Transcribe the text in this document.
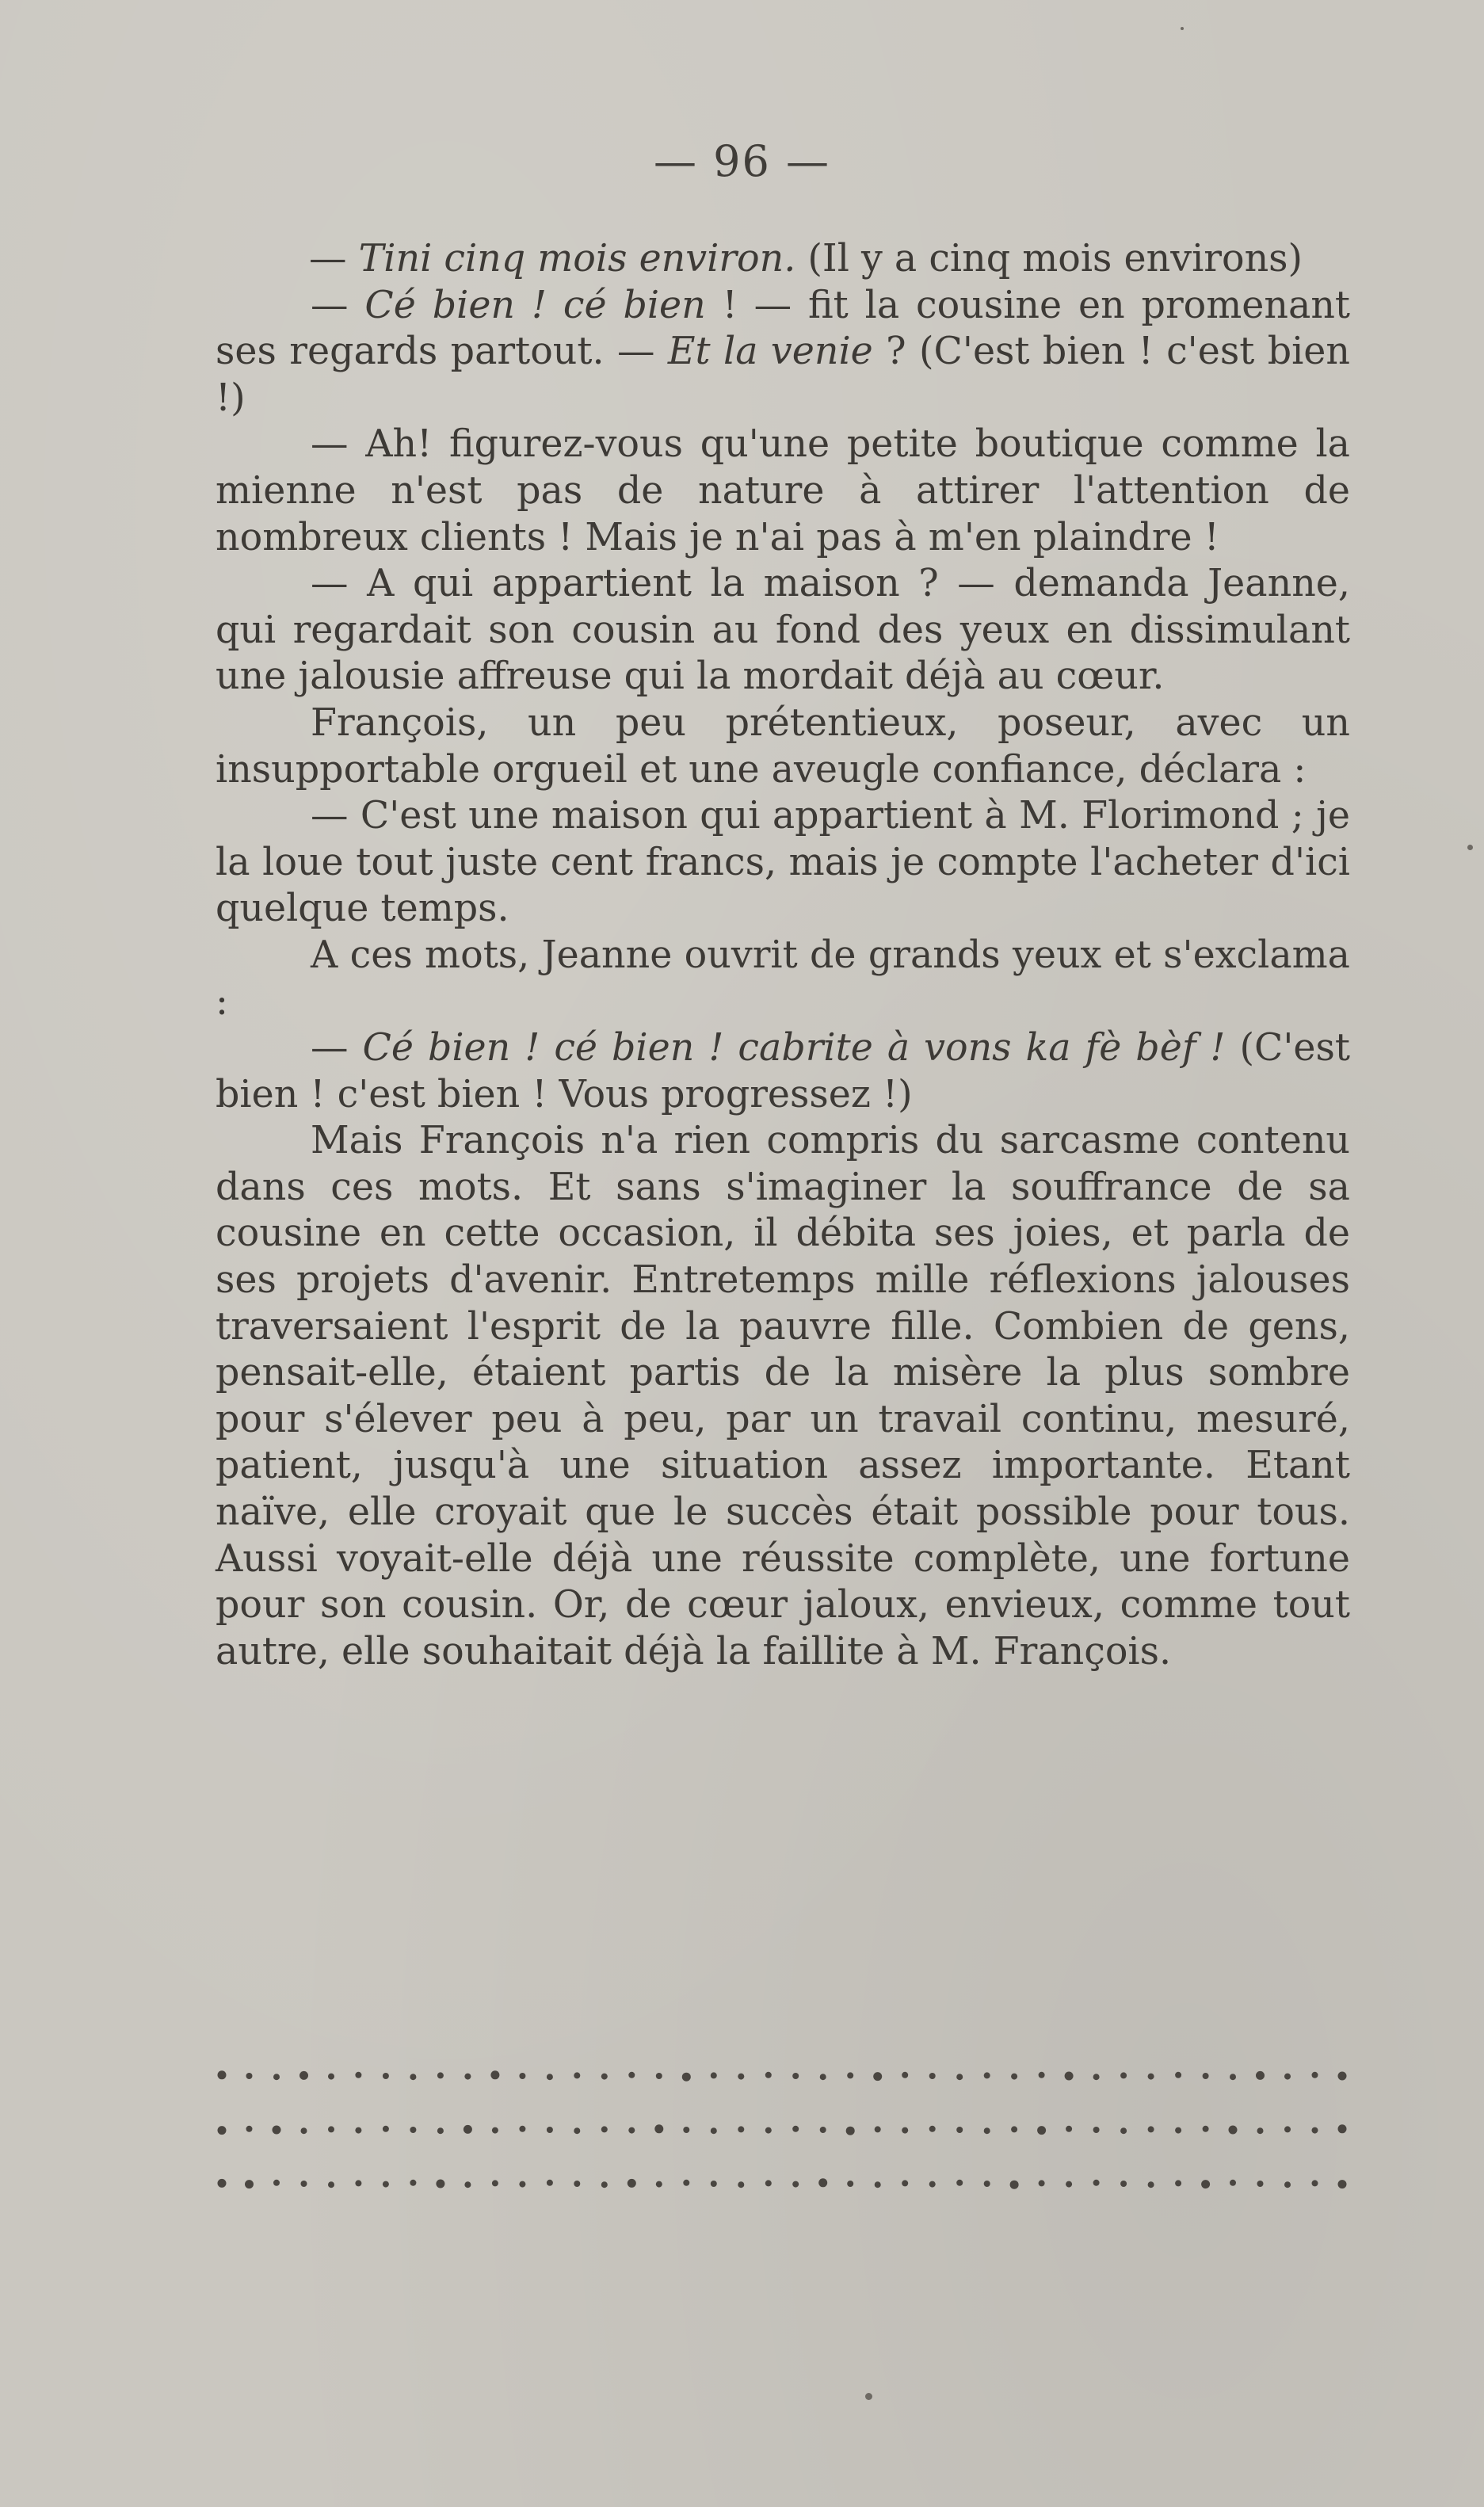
— 96 —

— Tini cinq mois environ. (Il y a cinq mois environs)

— Cé bien ! cé bien ! — fit la cousine en promenant ses regards partout. — Et la venie ? (C'est bien ! c'est bien !)

— Ah! figurez-vous qu'une petite boutique comme la mienne n'est pas de nature à attirer l'attention de nombreux clients ! Mais je n'ai pas à m'en plaindre !

— A qui appartient la maison ? — demanda Jeanne, qui regardait son cousin au fond des yeux en dissimulant une jalousie affreuse qui la mordait déjà au cœur.

François, un peu prétentieux, poseur, avec un insupportable orgueil et une aveugle confiance, déclara :

— C'est une maison qui appartient à M. Florimond ; je la loue tout juste cent francs, mais je compte l'acheter d'ici quelque temps.

A ces mots, Jeanne ouvrit de grands yeux et s'exclama :

— Cé bien ! cé bien ! cabrite à vons ka fè bèf ! (C'est bien ! c'est bien ! Vous progressez !)

Mais François n'a rien compris du sarcasme contenu dans ces mots. Et sans s'imaginer la souffrance de sa cousine en cette occasion, il débita ses joies, et parla de ses projets d'avenir. Entretemps mille réflexions jalouses traversaient l'esprit de la pauvre fille. Combien de gens, pensait-elle, étaient partis de la misère la plus sombre pour s'élever peu à peu, par un travail continu, mesuré, patient, jusqu'à une situation assez importante. Etant naïve, elle croyait que le succès était possible pour tous. Aussi voyait-elle déjà une réussite complète, une fortune pour son cousin. Or, de cœur jaloux, envieux, comme tout autre, elle souhaitait déjà la faillite à M. François.
